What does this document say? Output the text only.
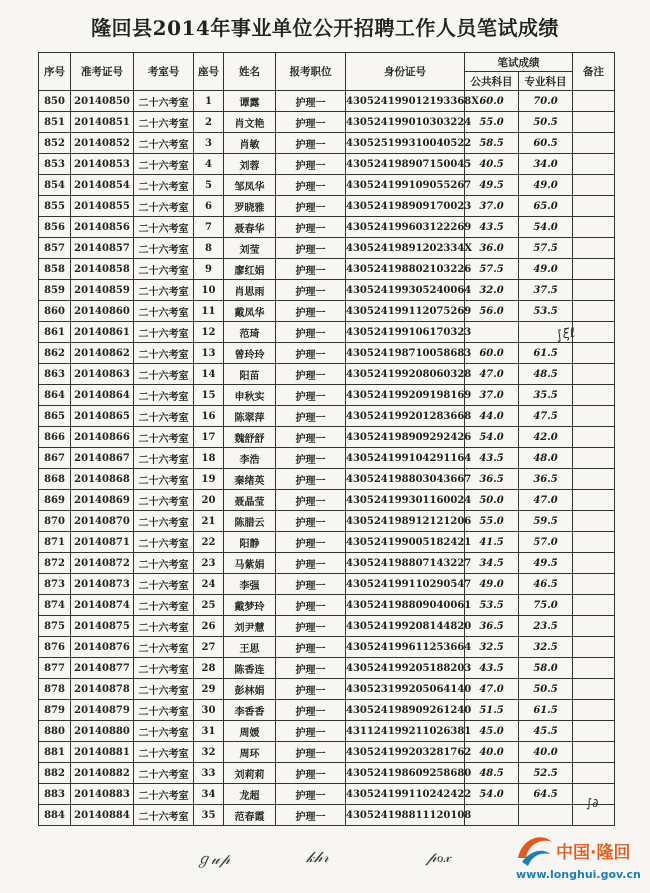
隆回县2014年事业单位公开招聘工作人员笔试成绩
序号	准考证号	考室号	座号	姓名	报考职位	身份证号	笔试成绩		备注
							公共科目	专业科目	
850	20140850	二十六考室	1	谭露	护理一	430524199012193368X	60.0	70.0	
851	20140851	二十六考室	2	肖文艳	护理一	430524199010303224	55.0	50.5	
852	20140852	二十六考室	3	肖敏	护理一	430525199310040522	58.5	60.5	
853	20140853	二十六考室	4	刘蓉	护理一	430524198907150045	40.5	34.0	
854	20140854	二十六考室	5	邹凤华	护理一	430524199109055267	49.5	49.0	
855	20140855	二十六考室	6	罗晓雅	护理一	430524198909170023	37.0	65.0	
856	20140856	二十六考室	7	聂春华	护理一	430524199603122269	43.5	54.0	
857	20140857	二十六考室	8	刘莹	护理一	43052419891202334X	36.0	57.5	
858	20140858	二十六考室	9	廖红娟	护理一	430524198802103226	57.5	49.0	
859	20140859	二十六考室	10	肖思雨	护理一	430524199305240064	32.0	37.5	
860	20140860	二十六考室	11	戴凤华	护理一	430524199112075269	56.0	53.5	
861	20140861	二十六考室	12	范琦	护理一	430524199106170323			
862	20140862	二十六考室	13	曾玲玲	护理一	430524198710058683	60.0	61.5	
863	20140863	二十六考室	14	阳苗	护理一	430524199208060328	47.0	48.5	
864	20140864	二十六考室	15	申秋实	护理一	430524199209198169	37.0	35.5	
865	20140865	二十六考室	16	陈翠萍	护理一	430524199201283668	44.0	47.5	
866	20140866	二十六考室	17	魏舒舒	护理一	430524198909292426	54.0	42.0	
867	20140867	二十六考室	18	李浩	护理一	430524199104291164	43.5	48.0	
868	20140868	二十六考室	19	秦绪英	护理一	430524198803043667	36.5	36.5	
869	20140869	二十六考室	20	聂晶莹	护理一	430524199301160024	50.0	47.0	
870	20140870	二十六考室	21	陈腊云	护理一	430524198912121206	55.0	59.5	
871	20140871	二十六考室	22	阳静	护理一	430524199005182421	41.5	57.0	
872	20140872	二十六考室	23	马紫娟	护理一	430524198807143227	34.5	49.5	
873	20140873	二十六考室	24	李强	护理一	430524199110290547	49.0	46.5	
874	20140874	二十六考室	25	戴梦玲	护理一	430524198809040061	53.5	75.0	
875	20140875	二十六考室	26	刘尹慧	护理一	430524199208144820	36.5	23.5	
876	20140876	二十六考室	27	王思	护理一	430524199611253664	32.5	32.5	
877	20140877	二十六考室	28	陈香连	护理一	430524199205188203	43.5	58.0	
878	20140878	二十六考室	29	彭林娟	护理一	430523199205064140	47.0	50.5	
879	20140879	二十六考室	30	李香香	护理一	430524198909261240	51.5	61.5	
880	20140880	二十六考室	31	周媛	护理一	431124199211026381	45.0	45.5	
881	20140881	二十六考室	32	周环	护理一	430524199203281762	40.0	40.0	
882	20140882	二十六考室	33	刘莉莉	护理一	430524198609258680	48.5	52.5	
883	20140883	二十六考室	34	龙超	护理一	430524199110242422	54.0	64.5	
884	20140884	二十六考室	35	范春霞	护理一	430524198811120108			
∫ξℓ
∫∂
ℊ𝓊𝓅	𝓀𝒽𝓇	𝓅ℴ𝓍	中国·隆回
www.longhui.gov.cn
